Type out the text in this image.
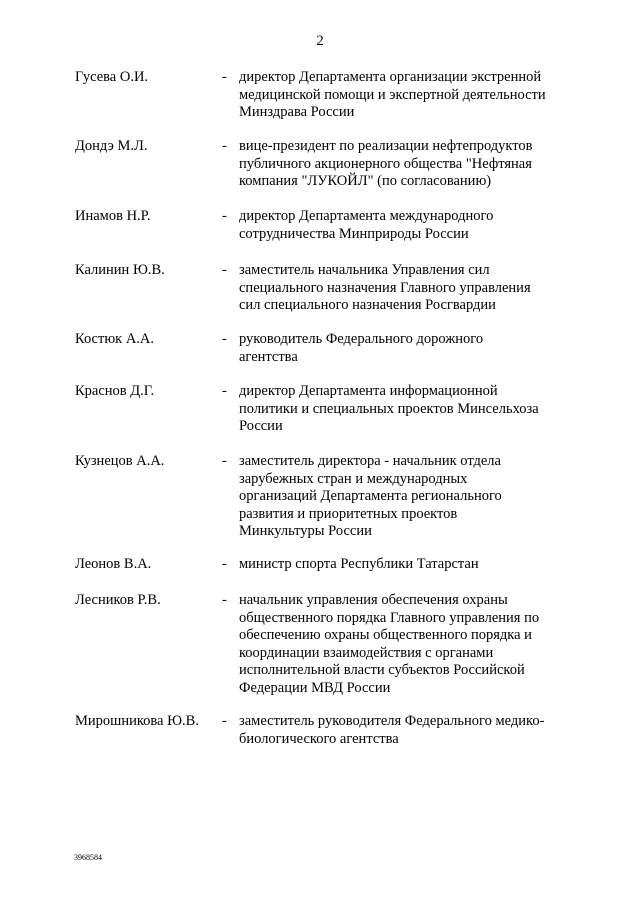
2
Гусева О.И.	- директор Департамента организации экстренной
медицинской помощи и экспертной деятельности
Минздрава России
Дондэ М.Л.	- вице-президент по реализации нефтепродуктов
публичного акционерного общества "Нефтяная
компания "ЛУКОЙЛ" (по согласованию)
Инамов Н.Р.	- директор Департамента международного
сотрудничества Минприроды России
Калинин Ю.В.	- заместитель начальника Управления сил
специального назначения Главного управления
сил специального назначения Росгвардии
Костюк А.А.	- руководитель Федерального дорожного
агентства
Краснов Д.Г.	- директор Департамента информационной
политики и специальных проектов Минсельхоза
России
Кузнецов А.А.	- заместитель директора - начальник отдела
зарубежных стран и международных
организаций Департамента регионального
развития и приоритетных проектов
Минкультуры России
Леонов В.А.	- министр спорта Республики Татарстан
Лесников Р.В.	- начальник управления обеспечения охраны
общественного порядка Главного управления по
обеспечению охраны общественного порядка и
координации взаимодействия с органами
исполнительной власти субъектов Российской
Федерации МВД России
Мирошникова Ю.В. - заместитель руководителя Федерального медико-
биологического агентства
3968584
